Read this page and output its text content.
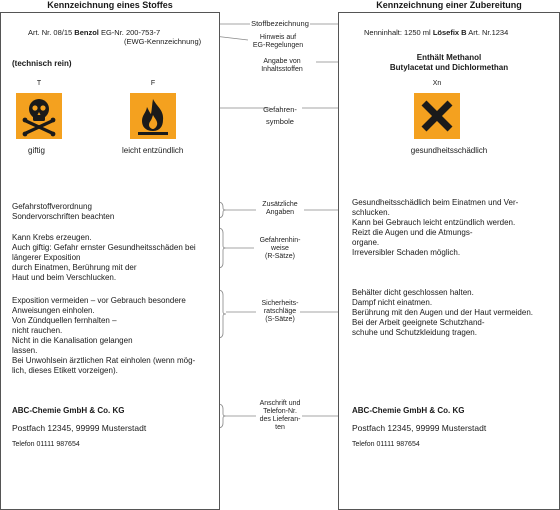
Kennzeichnung eines Stoffes
Art. Nr. 08/15 Benzol EG-Nr. 200-753-7
(EWG-Kennzeichnung)
(technisch rein)
T
giftig
F
leicht entzündlich
Gefahrstoffverordnung
Sondervorschriften beachten
Kann Krebs erzeugen.
Auch giftig: Gefahr ernster Gesundheitsschäden bei
längerer Exposition
durch Einatmen, Berührung mit der
Haut und beim Verschlucken.
Exposition vermeiden – vor Gebrauch besondere
Anweisungen einholen.
Von Zündquellen fernhalten –
nicht rauchen.
Nicht in die Kanalisation gelangen
lassen.
Bei Unwohlsein ärztlichen Rat einholen (wenn mög-
lich, dieses Etikett vorzeigen).
ABC-Chemie GmbH & Co. KG
Postfach 12345, 99999 Musterstadt
Telefon 01111 987654
Kennzeichnung einer Zubereitung
Nenninhalt: 1250 ml Lösefix B Art. Nr.1234
Enthält Methanol
Butylacetat und Dichlormethan
Xn
gesundheitsschädlich
Gesundheitsschädlich beim Einatmen und Ver-
schlucken.
Kann bei Gebrauch leicht entzündlich werden.
Reizt die Augen und die Atmungs-
organe.
Irreversibler Schaden möglich.
Behälter dicht geschlossen halten.
Dampf nicht einatmen.
Berührung mit den Augen und der Haut vermeiden.
Bei der Arbeit geeignete Schutzhand-
schuhe und Schutzkleidung tragen.
ABC-Chemie GmbH & Co. KG
Postfach 12345, 99999 Musterstadt
Telefon 01111 987654
Stoffbezeichnung
Hinweis auf
EG-Regelungen
Angabe von
Inhaltsstoffen
Gefahren-
symbole
Zusätzliche
Angaben
Gefahrenhin-
weise
(R-Sätze)
Sicherheits-
ratschläge
(S-Sätze)
Anschrift und
Telefon-Nr.
des Lieferan-
ten
